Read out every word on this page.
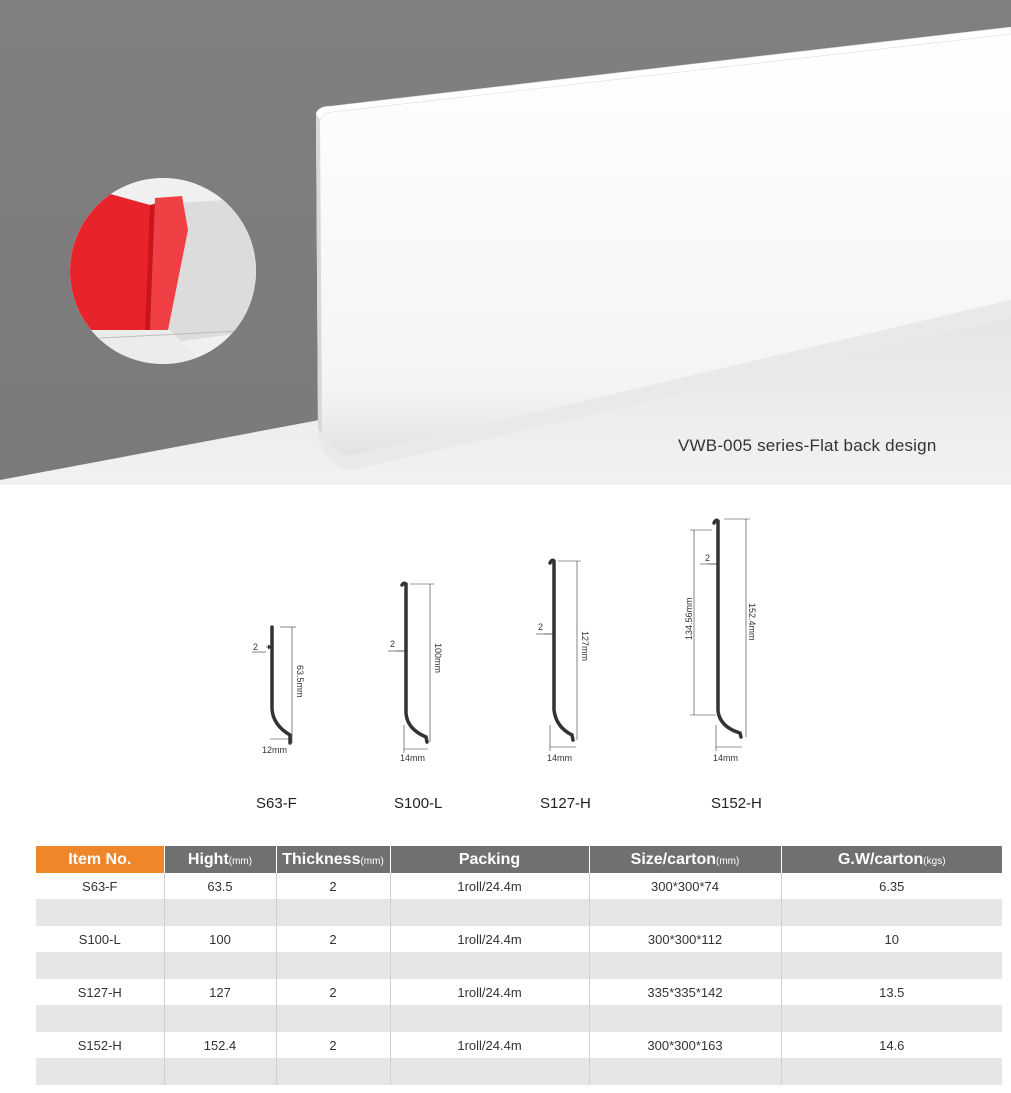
VWB-005 series-Flat back design
2
63.5mm
12mm
2	100mm
14mm
2
127mm
14mm
2
134.56mm	152.4mm
14mm
S63-F	S100-L	S127-H	S152-H
Item No.	Hight(mm)	Thickness(mm)	Packing	Size/carton(mm)	G.W/carton(kgs)
S63-F	63.5	2	1roll/24.4m	300*300*74	6.35

S100-L	100	2	1roll/24.4m	300*300*112	10

S127-H	127	2	1roll/24.4m	335*335*142	13.5

S152-H	152.4	2	1roll/24.4m	300*300*163	14.6
